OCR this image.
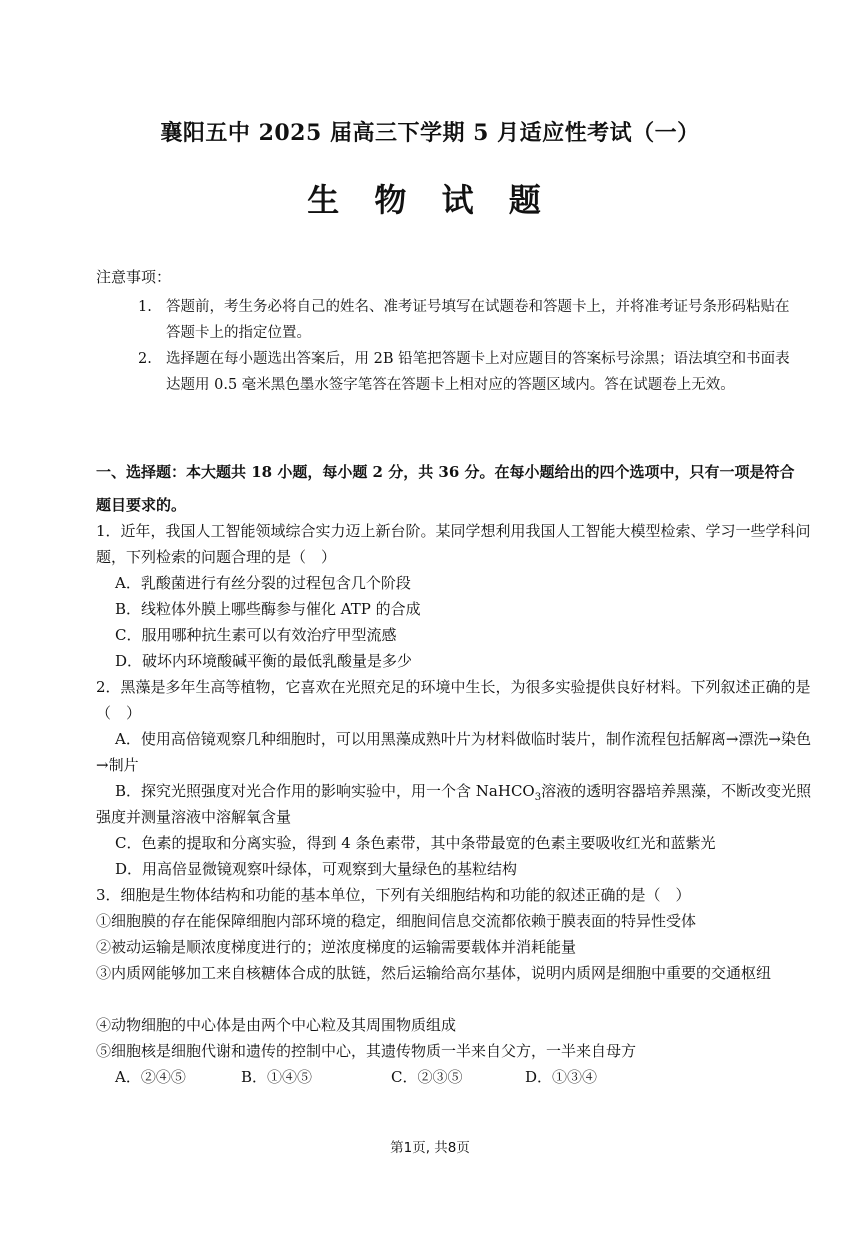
襄阳五中 2025 届高三下学期 5 月适应性考试（一）
生 物 试 题
注意事项：
1. 答题前，考生务必将自己的姓名、准考证号填写在试题卷和答题卡上，并将准考证号条形码粘贴在答题卡上的指定位置。
2. 选择题在每小题选出答案后，用 2B 铅笔把答题卡上对应题目的答案标号涂黑；语法填空和书面表达题用 0.5 毫米黑色墨水签字笔答在答题卡上相对应的答题区域内。答在试题卷上无效。
一、选择题：本大题共 18 小题，每小题 2 分，共 36 分。在每小题给出的四个选项中，只有一项是符合题目要求的。
1．近年，我国人工智能领域综合实力迈上新台阶。某同学想利用我国人工智能大模型检索、学习一些学科问题，下列检索的问题合理的是（　）
A．乳酸菌进行有丝分裂的过程包含几个阶段
B．线粒体外膜上哪些酶参与催化 ATP 的合成
C．服用哪种抗生素可以有效治疗甲型流感
D．破坏内环境酸碱平衡的最低乳酸量是多少
2．黑藻是多年生高等植物，它喜欢在光照充足的环境中生长，为很多实验提供良好材料。下列叙述正确的是（　）
A．使用高倍镜观察几种细胞时，可以用黑藻成熟叶片为材料做临时装片，制作流程包括解离→漂洗→染色→制片
B．探究光照强度对光合作用的影响实验中，用一个含 NaHCO$_3$溶液的透明容器培养黑藻，不断改变光照强度并测量溶液中溶解氧含量
C．色素的提取和分离实验，得到 4 条色素带，其中条带最宽的色素主要吸收红光和蓝紫光
D．用高倍显微镜观察叶绿体，可观察到大量绿色的基粒结构
3．细胞是生物体结构和功能的基本单位，下列有关细胞结构和功能的叙述正确的是（　）
①细胞膜的存在能保障细胞内部环境的稳定，细胞间信息交流都依赖于膜表面的特异性受体
②被动运输是顺浓度梯度进行的；逆浓度梯度的运输需要载体并消耗能量
③内质网能够加工来自核糖体合成的肽链，然后运输给高尔基体，说明内质网是细胞中重要的交通枢纽
④动物细胞的中心体是由两个中心粒及其周围物质组成
⑤细胞核是细胞代谢和遗传的控制中心，其遗传物质一半来自父方，一半来自母方
A．②④⑤	B．①④⑤	C．②③⑤	D．①③④
第1页, 共8页
